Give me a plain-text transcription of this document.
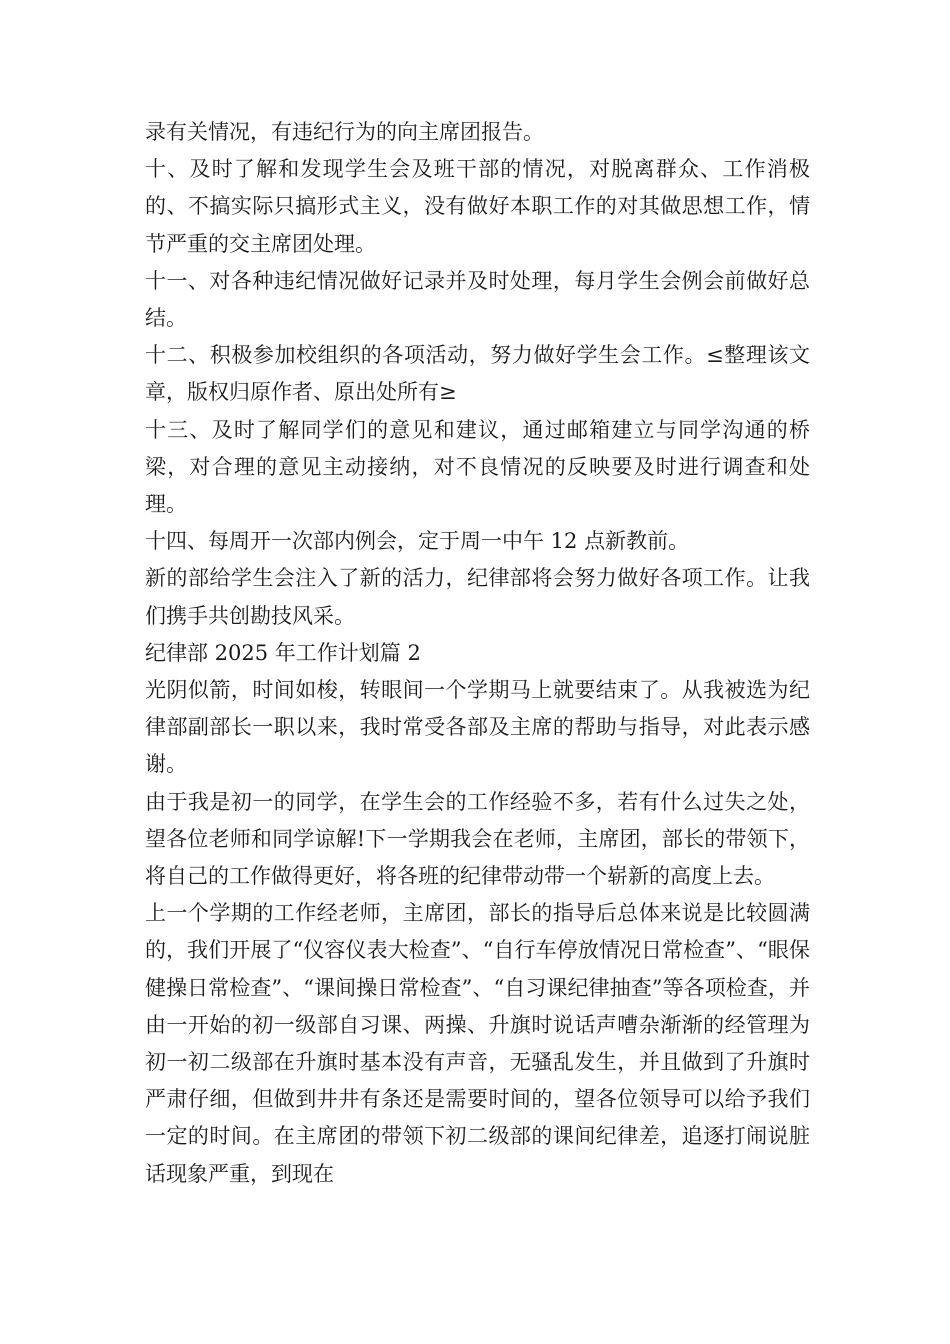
录有关情况，有违纪行为的向主席团报告。

十、及时了解和发现学生会及班干部的情况，对脱离群众、工作消极的、不搞实际只搞形式主义，没有做好本职工作的对其做思想工作，情节严重的交主席团处理。

十一、对各种违纪情况做好记录并及时处理，每月学生会例会前做好总结。

十二、积极参加校组织的各项活动，努力做好学生会工作。≤整理该文章，版权归原作者、原出处所有≥

十三、及时了解同学们的意见和建议，通过邮箱建立与同学沟通的桥梁，对合理的意见主动接纳，对不良情况的反映要及时进行调查和处理。

十四、每周开一次部内例会，定于周一中午 12 点新教前。

新的部给学生会注入了新的活力，纪律部将会努力做好各项工作。让我们携手共创勘技风采。

纪律部 2025 年工作计划篇 2

光阴似箭，时间如梭，转眼间一个学期马上就要结束了。从我被选为纪律部副部长一职以来，我时常受各部及主席的帮助与指导，对此表示感谢。

由于我是初一的同学，在学生会的工作经验不多，若有什么过失之处，望各位老师和同学谅解!下一学期我会在老师，主席团，部长的带领下，将自己的工作做得更好，将各班的纪律带动带一个崭新的高度上去。

上一个学期的工作经老师，主席团，部长的指导后总体来说是比较圆满的，我们开展了“仪容仪表大检查”、“自行车停放情况日常检查”、“眼保健操日常检查”、“课间操日常检查”、“自习课纪律抽查”等各项检查，并由一开始的初一级部自习课、两操、升旗时说话声嘈杂渐渐的经管理为初一初二级部在升旗时基本没有声音，无骚乱发生，并且做到了升旗时严肃仔细，但做到井井有条还是需要时间的，望各位领导可以给予我们一定的时间。在主席团的带领下初二级部的课间纪律差，追逐打闹说脏话现象严重，到现在
